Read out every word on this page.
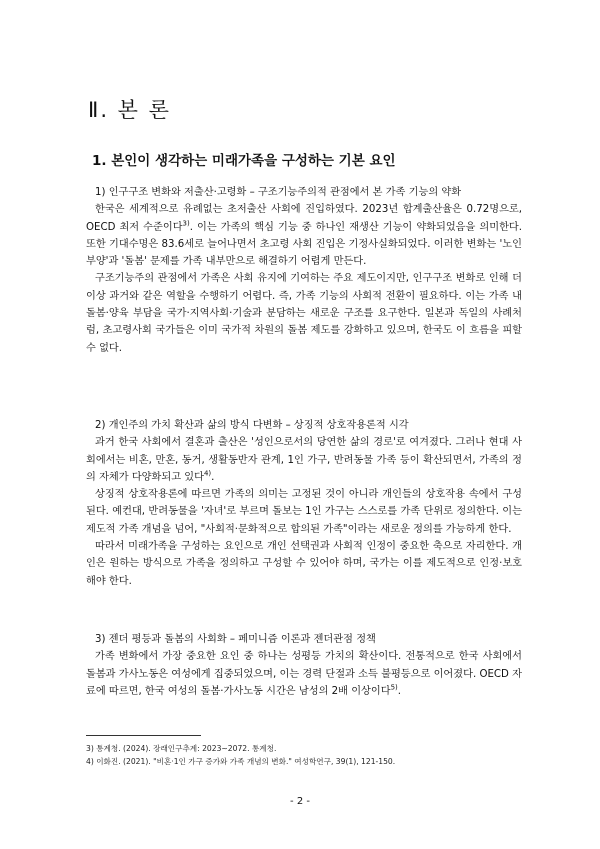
Ⅱ. 본 론
1. 본인이 생각하는 미래가족을 구성하는 기본 요인

1) 인구구조 변화와 저출산·고령화 – 구조기능주의적 관점에서 본 가족 기능의 약화

한국은 세계적으로 유례없는 초저출산 사회에 진입하였다. 2023년 합계출산율은 0.72명으로, OECD 최저 수준이다$^{3)}$. 이는 가족의 핵심 기능 중 하나인 재생산 기능이 약화되었음을 의미한다. 또한 기대수명은 83.6세로 늘어나면서 초고령 사회 진입은 기정사실화되었다. 이러한 변화는 '노인 부양'과 '돌봄' 문제를 가족 내부만으로 해결하기 어렵게 만든다.

구조기능주의 관점에서 가족은 사회 유지에 기여하는 주요 제도이지만, 인구구조 변화로 인해 더 이상 과거와 같은 역할을 수행하기 어렵다. 즉, 가족 기능의 사회적 전환이 필요하다. 이는 가족 내 돌봄·양육 부담을 국가·지역사회·기술과 분담하는 새로운 구조를 요구한다. 일본과 독일의 사례처럼, 초고령사회 국가들은 이미 국가적 차원의 돌봄 제도를 강화하고 있으며, 한국도 이 흐름을 피할 수 없다.

2) 개인주의 가치 확산과 삶의 방식 다변화 – 상징적 상호작용론적 시각

과거 한국 사회에서 결혼과 출산은 '성인으로서의 당연한 삶의 경로'로 여겨졌다. 그러나 현대 사회에서는 비혼, 만혼, 동거, 생활동반자 관계, 1인 가구, 반려동물 가족 등이 확산되면서, 가족의 정의 자체가 다양화되고 있다$^{4)}$.

상징적 상호작용론에 따르면 가족의 의미는 고정된 것이 아니라 개인들의 상호작용 속에서 구성된다. 예컨대, 반려동물을 '자녀'로 부르며 돌보는 1인 가구는 스스로를 가족 단위로 정의한다. 이는 제도적 가족 개념을 넘어, "사회적·문화적으로 합의된 가족"이라는 새로운 정의를 가능하게 한다.

따라서 미래가족을 구성하는 요인으로 개인 선택권과 사회적 인정이 중요한 축으로 자리한다. 개인은 원하는 방식으로 가족을 정의하고 구성할 수 있어야 하며, 국가는 이를 제도적으로 인정·보호해야 한다.

3) 젠더 평등과 돌봄의 사회화 – 페미니즘 이론과 젠더관점 정책

가족 변화에서 가장 중요한 요인 중 하나는 성평등 가치의 확산이다. 전통적으로 한국 사회에서 돌봄과 가사노동은 여성에게 집중되었으며, 이는 경력 단절과 소득 불평등으로 이어졌다. OECD 자료에 따르면, 한국 여성의 돌봄·가사노동 시간은 남성의 2배 이상이다$^{5)}$.

3) 통계청. (2024). 장래인구추계: 2023~2072. 통계청.
4) 이화진. (2021). "비혼·1인 가구 증가와 가족 개념의 변화." 여성학연구, 39(1), 121-150.
- 2 -
